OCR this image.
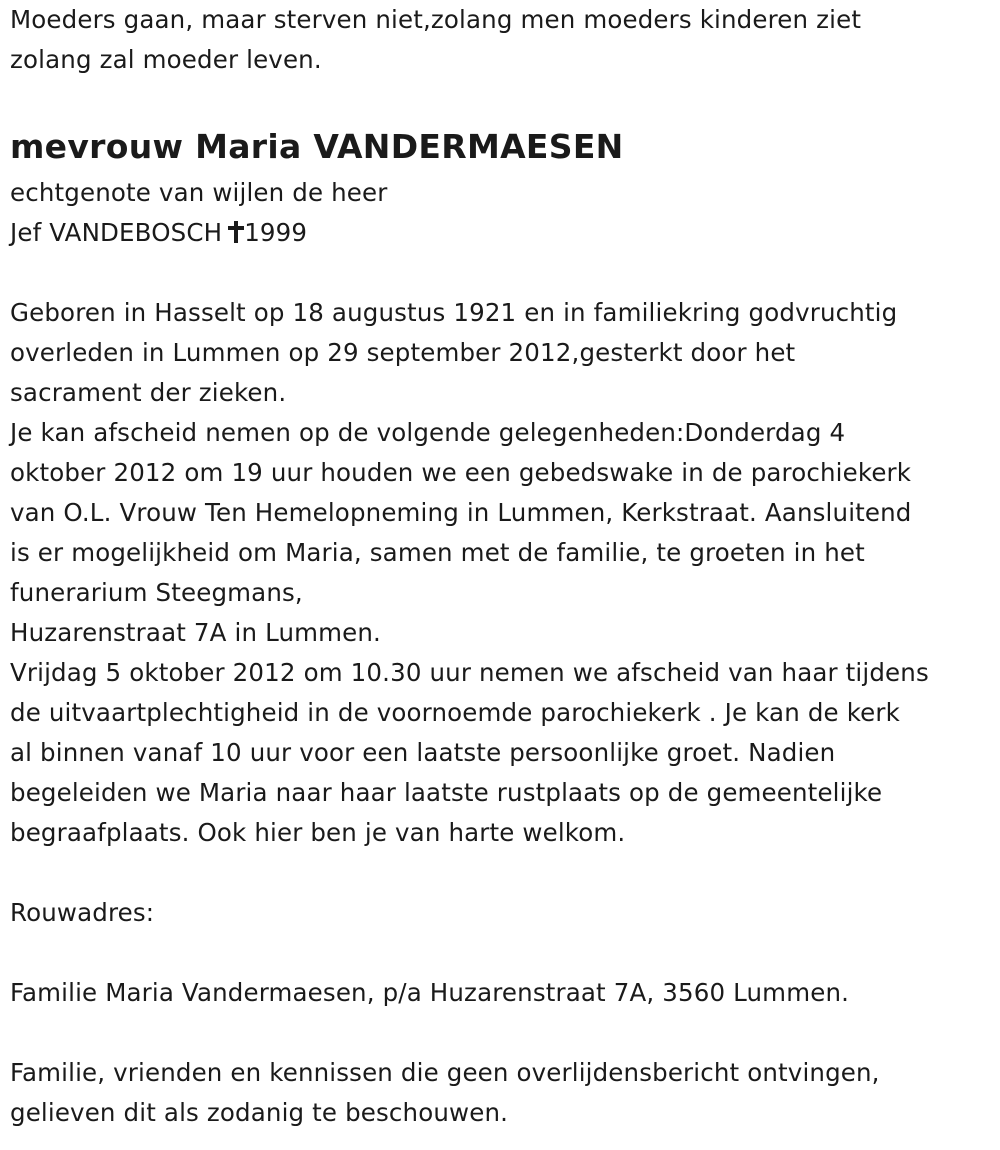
Moeders gaan, maar sterven niet,zolang men moeders kinderen ziet
zolang zal moeder leven.
mevrouw Maria VANDERMAESEN
echtgenote van wijlen de heer
Jef VANDEBOSCH 1999
Geboren in Hasselt op 18 augustus 1921 en in familiekring godvruchtig
overleden in Lummen op 29 september 2012,gesterkt door het
sacrament der zieken.
Je kan afscheid nemen op de volgende gelegenheden:Donderdag 4
oktober 2012 om 19 uur houden we een gebedswake in de parochiekerk
van O.L. Vrouw Ten Hemelopneming in Lummen, Kerkstraat. Aansluitend
is er mogelijkheid om Maria, samen met de familie, te groeten in het
funerarium Steegmans,
Huzarenstraat 7A in Lummen.
Vrijdag 5 oktober 2012 om 10.30 uur nemen we afscheid van haar tijdens
de uitvaartplechtigheid in de voornoemde parochiekerk . Je kan de kerk
al binnen vanaf 10 uur voor een laatste persoonlijke groet. Nadien
begeleiden we Maria naar haar laatste rustplaats op de gemeentelijke
begraafplaats. Ook hier ben je van harte welkom.
Rouwadres:
Familie Maria Vandermaesen, p/a Huzarenstraat 7A, 3560 Lummen.
Familie, vrienden en kennissen die geen overlijdensbericht ontvingen,
gelieven dit als zodanig te beschouwen.
